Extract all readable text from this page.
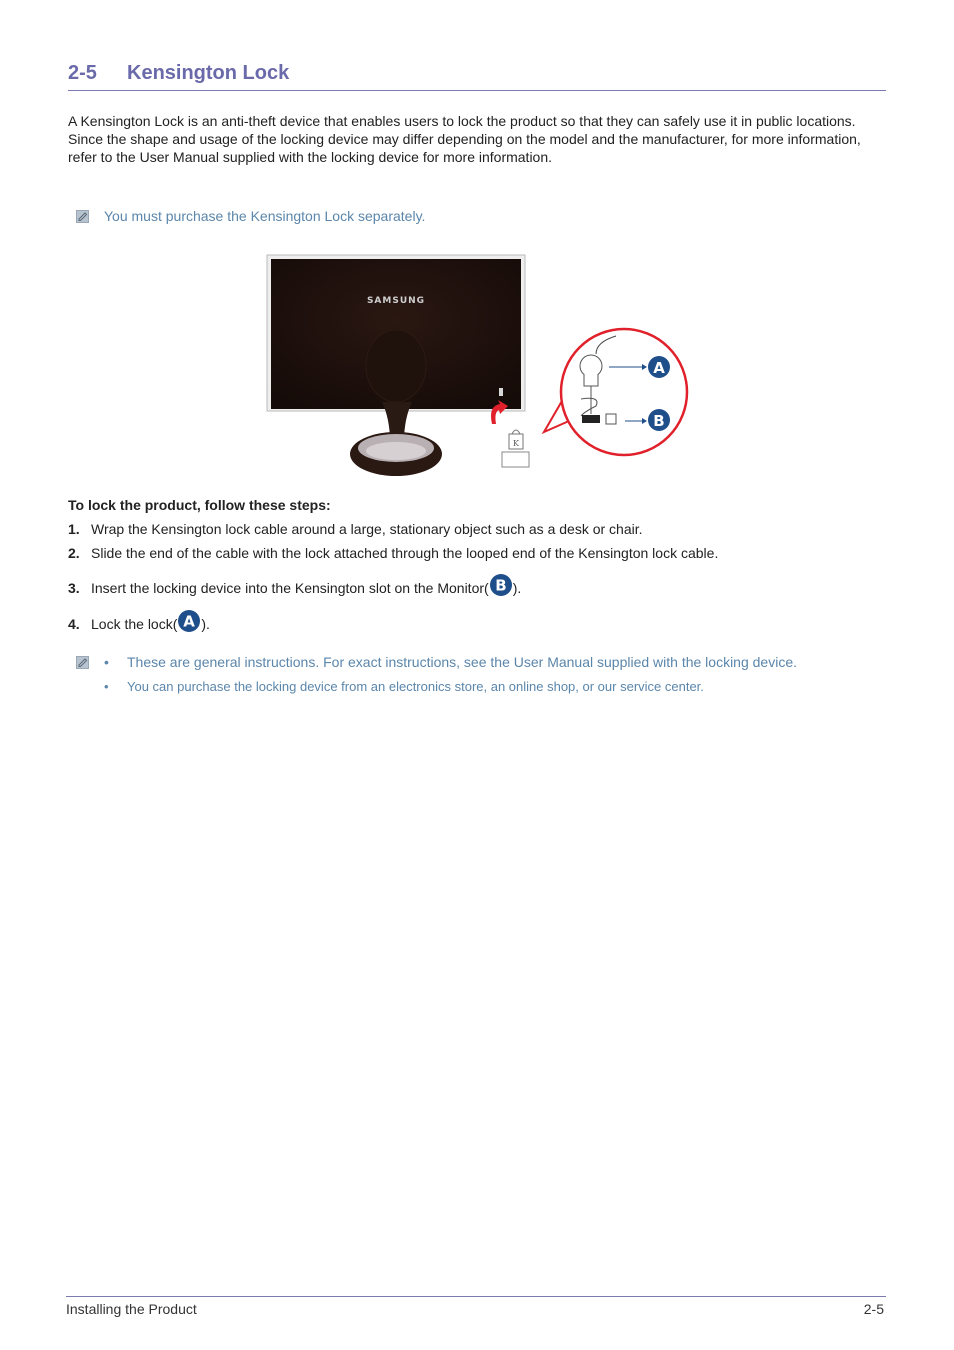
2-5 Kensington Lock

A Kensington Lock is an anti-theft device that enables users to lock the product so that they can safely use it in public locations.

Since the shape and usage of the locking device may differ depending on the model and the manufacturer, for more information,

refer to the User Manual supplied with the locking device for more information.

You must purchase the Kensington Lock separately.
SAMSUNG
K
A
B
To lock the product, follow these steps:
1. Wrap the Kensington lock cable around a large, stationary object such as a desk or chair.
2. Slide the end of the cable with the lock attached through the looped end of the Kensington lock cable.
3. Insert the locking device into the Kensington slot on the Monitor( B ).
4. Lock the lock( A ).
• These are general instructions. For exact instructions, see the User Manual supplied with the locking device.
• You can purchase the locking device from an electronics store, an online shop, or our service center.
Installing the Product	2-5
